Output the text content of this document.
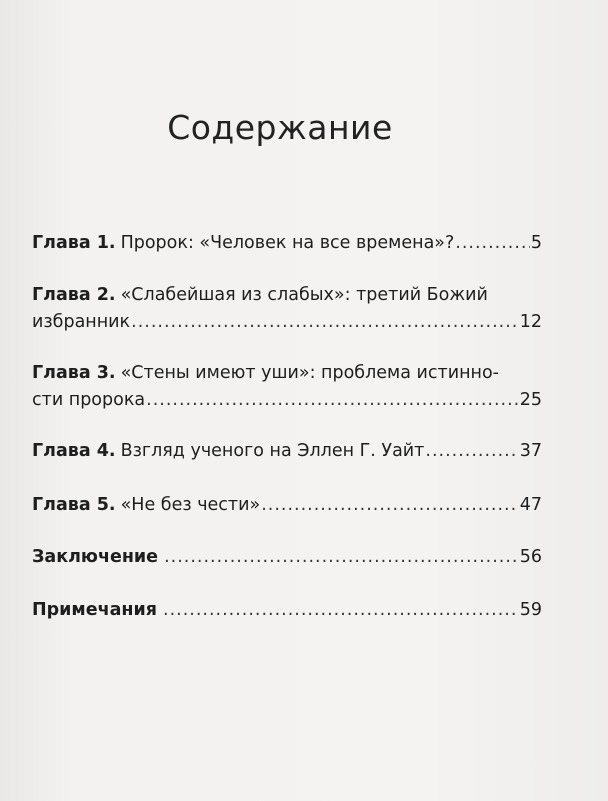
Содержание
Глава 1. Пророк: «Человек на все времена»? .....	5
Глава 2. «Слабейшая из слабых»: третий Божий
избранник .....	12
Глава 3. «Стены имеют уши»: проблема истинно-
сти пророка .....	25
Глава 4. Взгляд ученого на Эллен Г. Уайт .....	37
Глава 5. «Не без чести» .....	47
Заключение .....	56
Примечания .....	59
